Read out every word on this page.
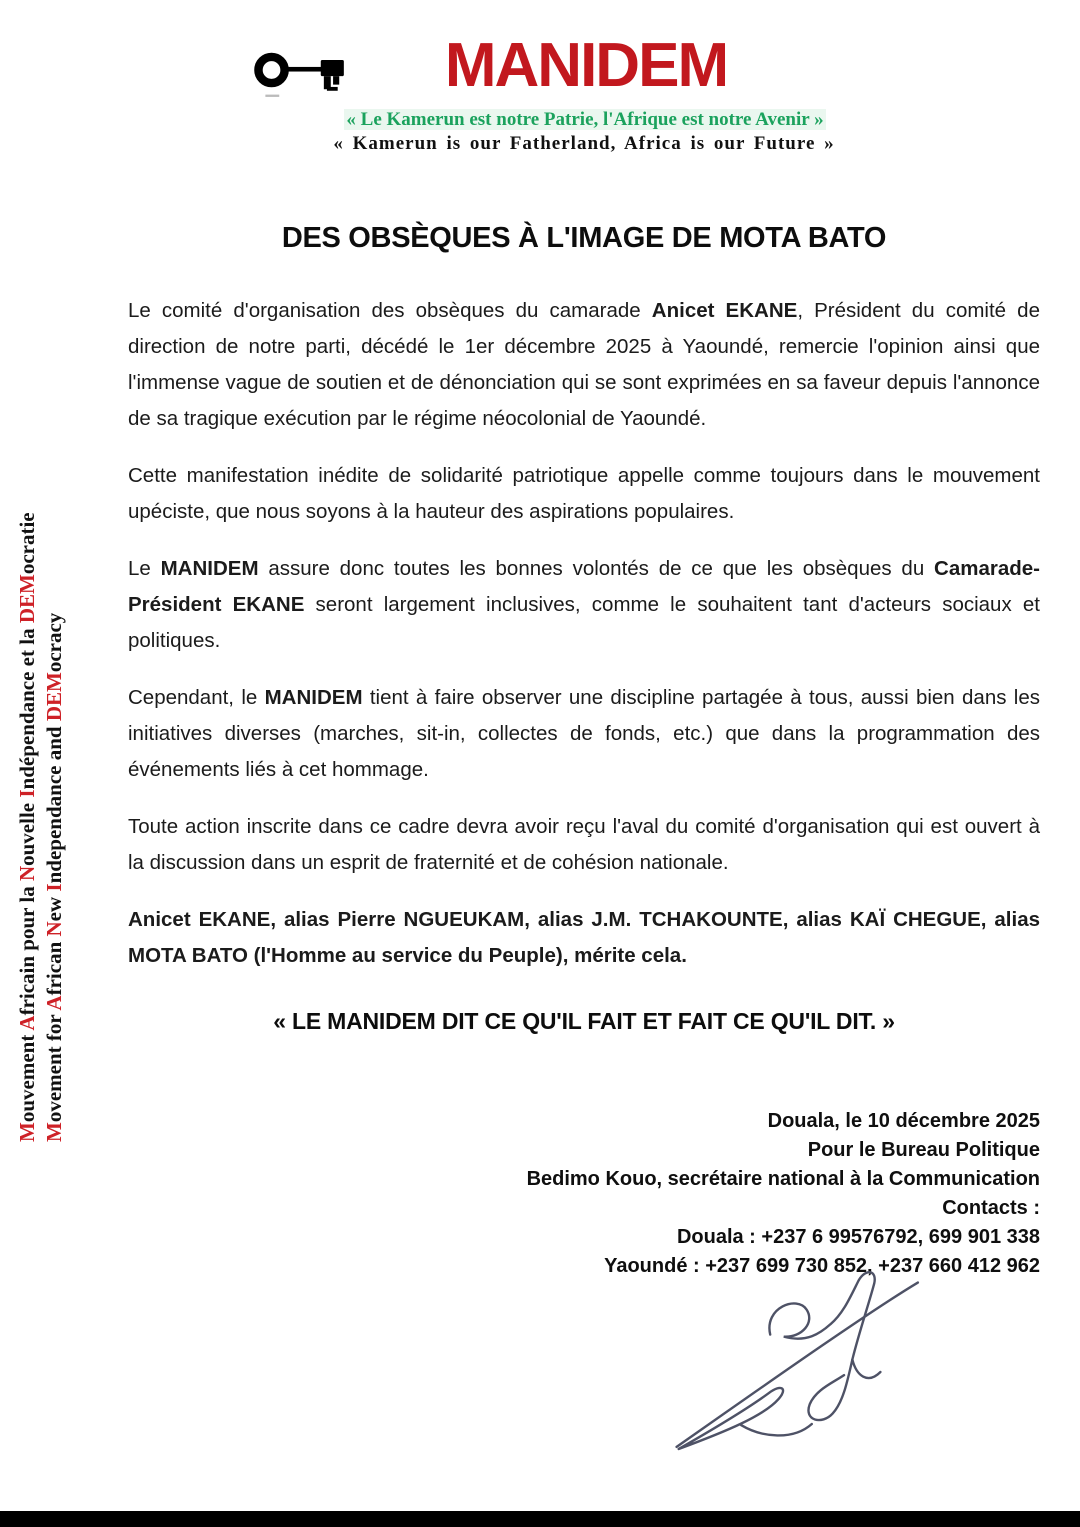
MANIDEM
« Le Kamerun est notre Patrie, l'Afrique est notre Avenir »
« Kamerun is our Fatherland, Africa is our Future »
Mouvement Africain pour la Nouvelle Indépendance et la DEMocratie
Movement for African New Independance and DEMocracy
DES OBSÈQUES À L'IMAGE DE MOTA BATO

Le comité d'organisation des obsèques du camarade Anicet EKANE, Président du comité de direction de notre parti, décédé le 1er décembre 2025 à Yaoundé, remercie l'opinion ainsi que l'immense vague de soutien et de dénonciation qui se sont exprimées en sa faveur depuis l'annonce de sa tragique exécution par le régime néocolonial de Yaoundé.

Cette manifestation inédite de solidarité patriotique appelle comme toujours dans le mouvement upéciste, que nous soyons à la hauteur des aspirations populaires.

Le MANIDEM assure donc toutes les bonnes volontés de ce que les obsèques du Camarade-Président EKANE seront largement inclusives, comme le souhaitent tant d'acteurs sociaux et politiques.

Cependant, le MANIDEM tient à faire observer une discipline partagée à tous, aussi bien dans les initiatives diverses (marches, sit-in, collectes de fonds, etc.) que dans la programmation des événements liés à cet hommage.

Toute action inscrite dans ce cadre devra avoir reçu l'aval du comité d'organisation qui est ouvert à la discussion dans un esprit de fraternité et de cohésion nationale.

Anicet EKANE, alias Pierre NGUEUKAM, alias J.M. TCHAKOUNTE, alias KAÏ CHEGUE, alias MOTA BATO (l'Homme au service du Peuple), mérite cela.

« LE MANIDEM DIT CE QU'IL FAIT ET FAIT CE QU'IL DIT. »
Douala, le 10 décembre 2025
Pour le Bureau Politique
Bedimo Kouo, secrétaire national à la Communication
Contacts :
Douala : +237 6 99576792, 699 901 338
Yaoundé : +237 699 730 852, +237 660 412 962
